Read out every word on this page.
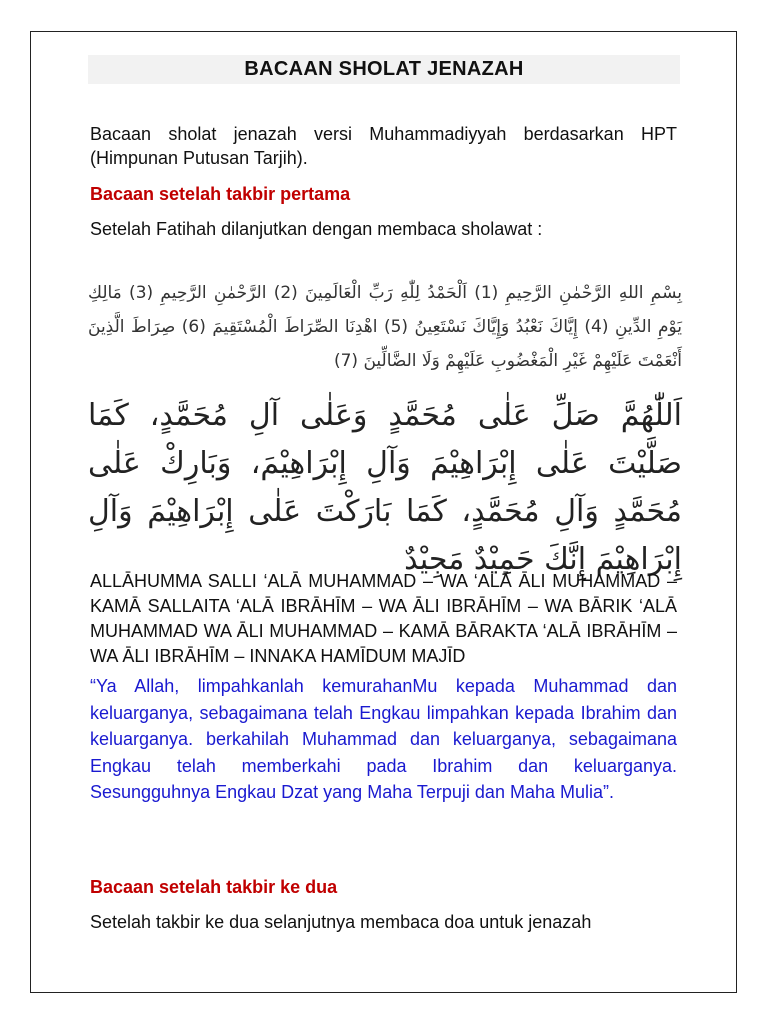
BACAAN SHOLAT JENAZAH

Bacaan sholat jenazah versi Muhammadiyyah berdasarkan HPT (Himpunan Putusan Tarjih).

Bacaan setelah takbir pertama

Setelah Fatihah dilanjutkan dengan membaca sholawat :

بِسْمِ اللهِ الرَّحْمٰنِ الرَّحِيمِ (1) اَلْحَمْدُ لِلّٰهِ رَبِّ الْعَالَمِينَ (2) الرَّحْمٰنِ الرَّحِيمِ (3) مَالِكِ يَوْمِ الدِّينِ (4) إِيَّاكَ نَعْبُدُ وَإِيَّاكَ نَسْتَعِينُ (5) اهْدِنَا الصِّرَاطَ الْمُسْتَقِيمَ (6) صِرَاطَ الَّذِينَ أَنْعَمْتَ عَلَيْهِمْ غَيْرِ الْمَغْضُوبِ عَلَيْهِمْ وَلَا الضَّالِّينَ (7)

اَللّٰهُمَّ صَلِّ عَلٰى مُحَمَّدٍ وَعَلٰى آلِ مُحَمَّدٍ، كَمَا صَلَّيْتَ عَلٰى إِبْرَاهِيْمَ وَآلِ إِبْرَاهِيْمَ، وَبَارِكْ عَلٰى مُحَمَّدٍ وَآلِ مُحَمَّدٍ، كَمَا بَارَكْتَ عَلٰى إِبْرَاهِيْمَ وَآلِ إِبْرَاهِيْمَ إِنَّكَ حَمِيْدٌ مَجِيْدٌ

ALLĀHUMMA SALLI ‘ALĀ MUHAMMAD – WA ‘ALĀ ĀLI MUHAMMAD – KAMĀ SALLAITA ‘ALĀ IBRĀHĪM – WA ĀLI IBRĀHĪM – WA BĀRIK ‘ALĀ MUHAMMAD WA ĀLI MUHAMMAD – KAMĀ BĀRAKTA ‘ALĀ IBRĀHĪM – WA ĀLI IBRĀHĪM – INNAKA HAMĪDUM MAJĪD

“Ya Allah, limpahkanlah kemurahanMu kepada Muhammad dan keluarganya, sebagaimana telah Engkau limpahkan kepada Ibrahim dan keluarganya. berkahilah Muhammad dan keluarganya, sebagaimana Engkau telah memberkahi pada Ibrahim dan keluarganya. Sesungguhnya Engkau Dzat yang Maha Terpuji dan Maha Mulia”.

Bacaan setelah takbir ke dua

Setelah takbir ke dua selanjutnya membaca doa untuk jenazah
